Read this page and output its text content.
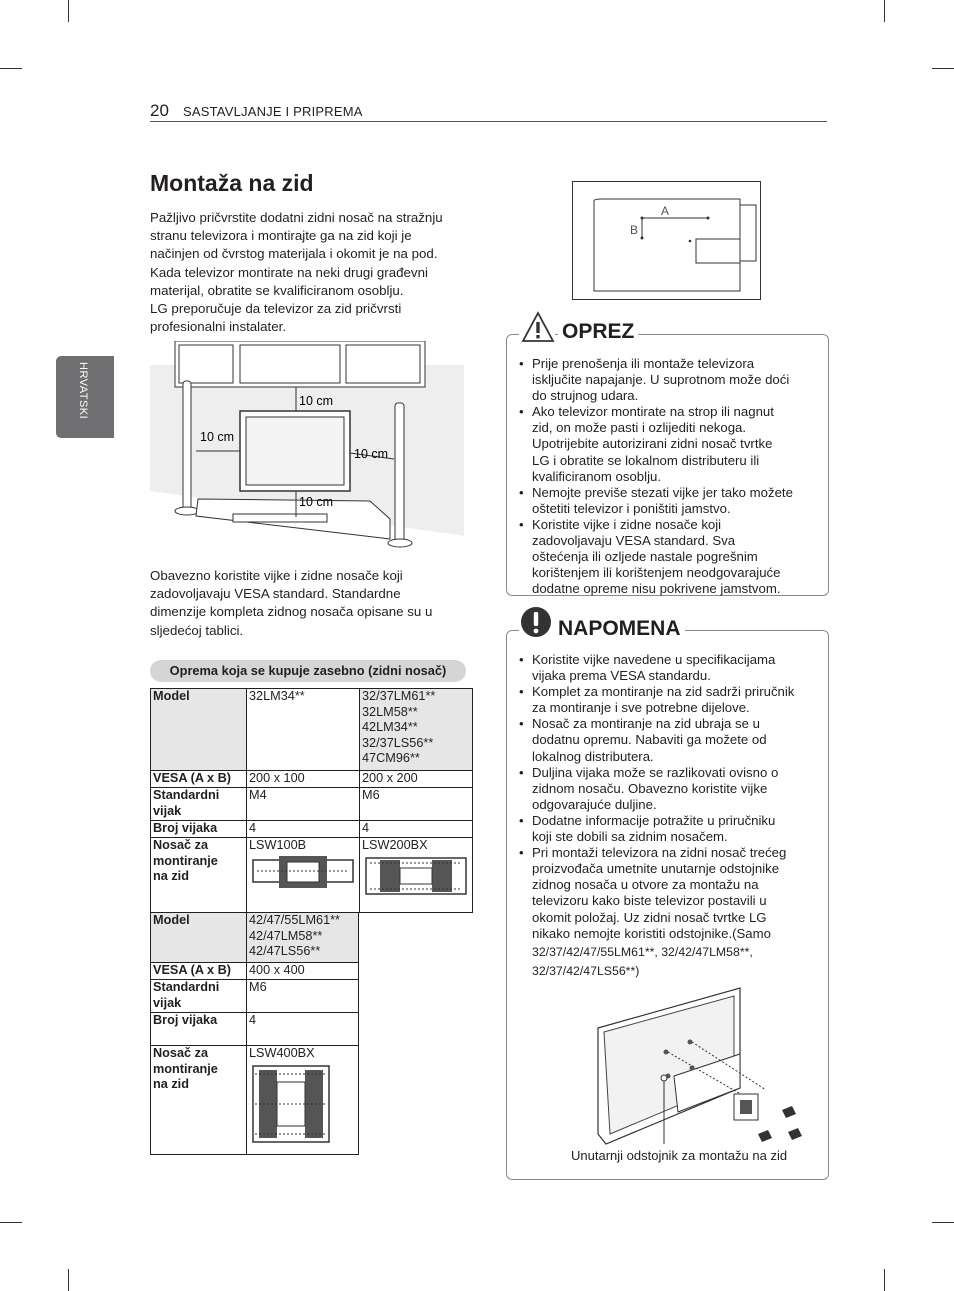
20 SASTAVLJANJE I PRIPREMA
HRVATSKI
Montaža na zid
Pažljivo pričvrstite dodatni zidni nosač na stražnju
stranu televizora i montirajte ga na zid koji je
načinjen od čvrstog materijala i okomit je na pod.
Kada televizor montirate na neki drugi građevni
materijal, obratite se kvalificiranom osoblju.
LG preporučuje da televizor za zid pričvrsti
profesionalni instalater.
10 cm
10 cm
10 cm
10 cm
Obavezno koristite vijke i zidne nosače koji
zadovoljavaju VESA standard. Standardne
dimenzije kompleta zidnog nosača opisane su u
sljedećoj tablici.
Oprema koja se kupuje zasebno (zidni nosač)
Model	32LM34**	32/37LM61**
32LM58**
42LM34**
32/37LS56**
47CM96**

VESA (A x B)	200 x 100	200 x 200

Standardni
vijak	M4	M6
Broj vijaka	4	4

Nosač za
montiranje
na zid	LSW100B	LSW200BX
Model	42/47/55LM61**
42/47LM58**
42/47LS56**

VESA (A x B)	400 x 400

Standardni
vijak	M6
Broj vijaka	4

Nosač za
montiranje
na zid	LSW400BX
A
B
OPREZ
• Prije prenošenja ili montaže televizora
isključite napajanje. U suprotnom može doći
do strujnog udara.
• Ako televizor montirate na strop ili nagnut
zid, on može pasti i ozlijediti nekoga.
Upotrijebite autorizirani zidni nosač tvrtke
LG i obratite se lokalnom distributeru ili
kvalificiranom osoblju.
• Nemojte previše stezati vijke jer tako možete
oštetiti televizor i poništiti jamstvo.
• Koristite vijke i zidne nosače koji
zadovoljavaju VESA standard. Sva
oštećenja ili ozljede nastale pogrešnim
korištenjem ili korištenjem neodgovarajuće
dodatne opreme nisu pokrivene jamstvom.
NAPOMENA
• Koristite vijke navedene u specifikacijama
vijaka prema VESA standardu.
• Komplet za montiranje na zid sadrži priručnik
za montiranje i sve potrebne dijelove.
• Nosač za montiranje na zid ubraja se u
dodatnu opremu. Nabaviti ga možete od
lokalnog distributera.
• Duljina vijaka može se razlikovati ovisno o
zidnom nosaču. Obavezno koristite vijke
odgovarajuće duljine.
• Dodatne informacije potražite u priručniku
koji ste dobili sa zidnim nosačem.
• Pri montaži televizora na zidni nosač trećeg
proizvođača umetnite unutarnje odstojnike
zidnog nosača u otvore za montažu na
televizoru kako biste televizor postavili u
okomit položaj. Uz zidni nosač tvrtke LG
nikako nemojte koristiti odstojnike.(Samo
32/37/42/47/55LM61**, 32/42/47LM58**,
32/37/42/47LS56**)
Unutarnji odstojnik za montažu na zid
